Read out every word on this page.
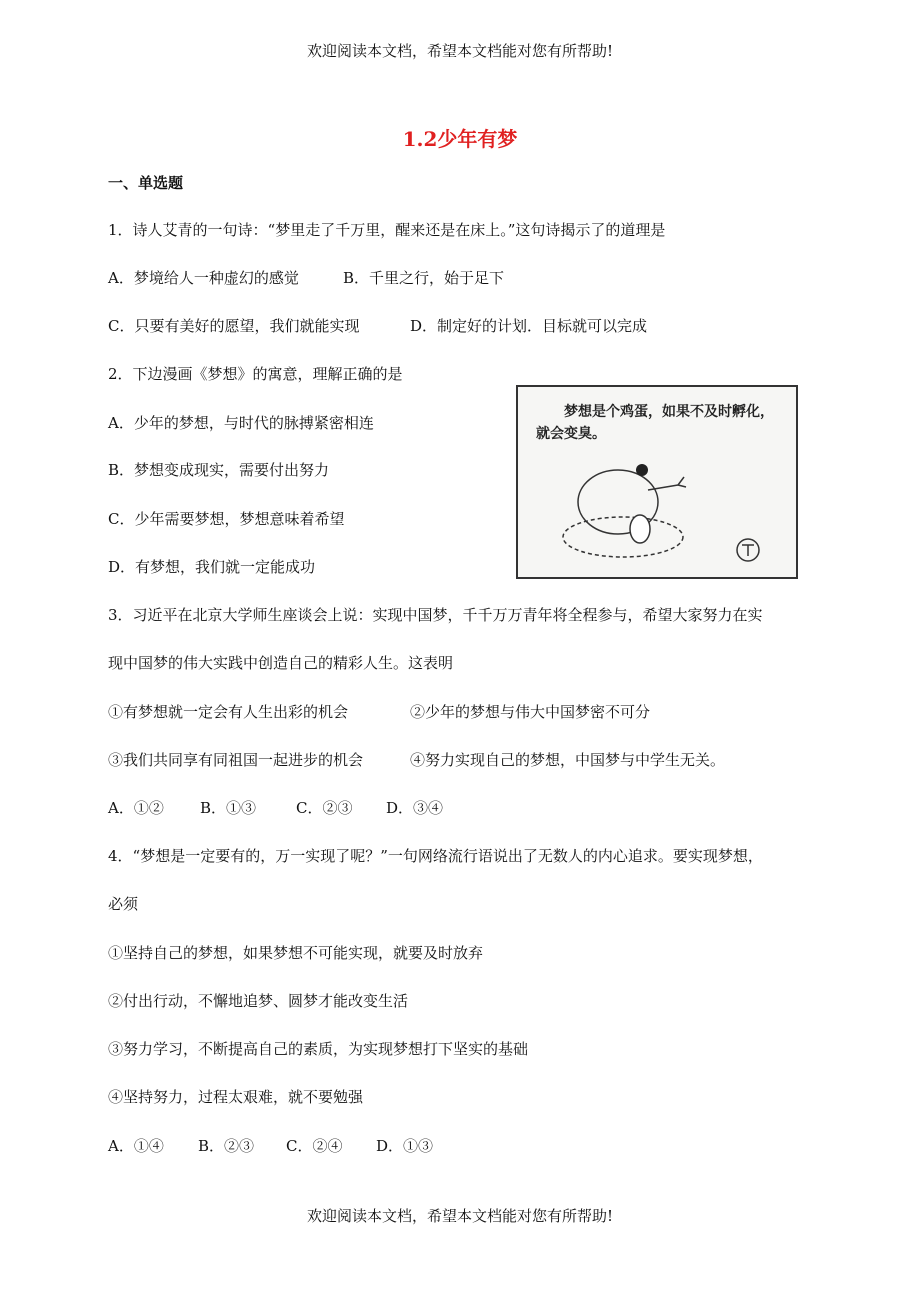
欢迎阅读本文档，希望本文档能对您有所帮助!
1.2少年有梦
一、单选题
1．诗人艾青的一句诗：“梦里走了千万里，醒来还是在床上。”这句诗揭示了的道理是
A．梦境给人一种虚幻的感觉	B．千里之行，始于足下
C．只要有美好的愿望，我们就能实现	D．制定好的计划．目标就可以完成
2．下边漫画《梦想》的寓意，理解正确的是
A．少年的梦想，与时代的脉搏紧密相连
B．梦想变成现实，需要付出努力
C．少年需要梦想，梦想意味着希望
D．有梦想，我们就一定能成功
梦想是个鸡蛋，如果不及时孵化，就会变臭。
3．习近平在北京大学师生座谈会上说：实现中国梦，千千万万青年将全程参与，希望大家努力在实
现中国梦的伟大实践中创造自己的精彩人生。这表明
①有梦想就一定会有人生出彩的机会	②少年的梦想与伟大中国梦密不可分
③我们共同享有同祖国一起进步的机会	④努力实现自己的梦想，中国梦与中学生无关。
A．①② B．①③	C．②③ D．③④
4．“梦想是一定要有的，万一实现了呢？”一句网络流行语说出了无数人的内心追求。要实现梦想，
必须
①坚持自己的梦想，如果梦想不可能实现，就要及时放弃
②付出行动，不懈地追梦、圆梦才能改变生活
③努力学习，不断提高自己的素质，为实现梦想打下坚实的基础
④坚持努力，过程太艰难，就不要勉强
A．①④ B．②③ C．②④ D．①③
欢迎阅读本文档，希望本文档能对您有所帮助!
